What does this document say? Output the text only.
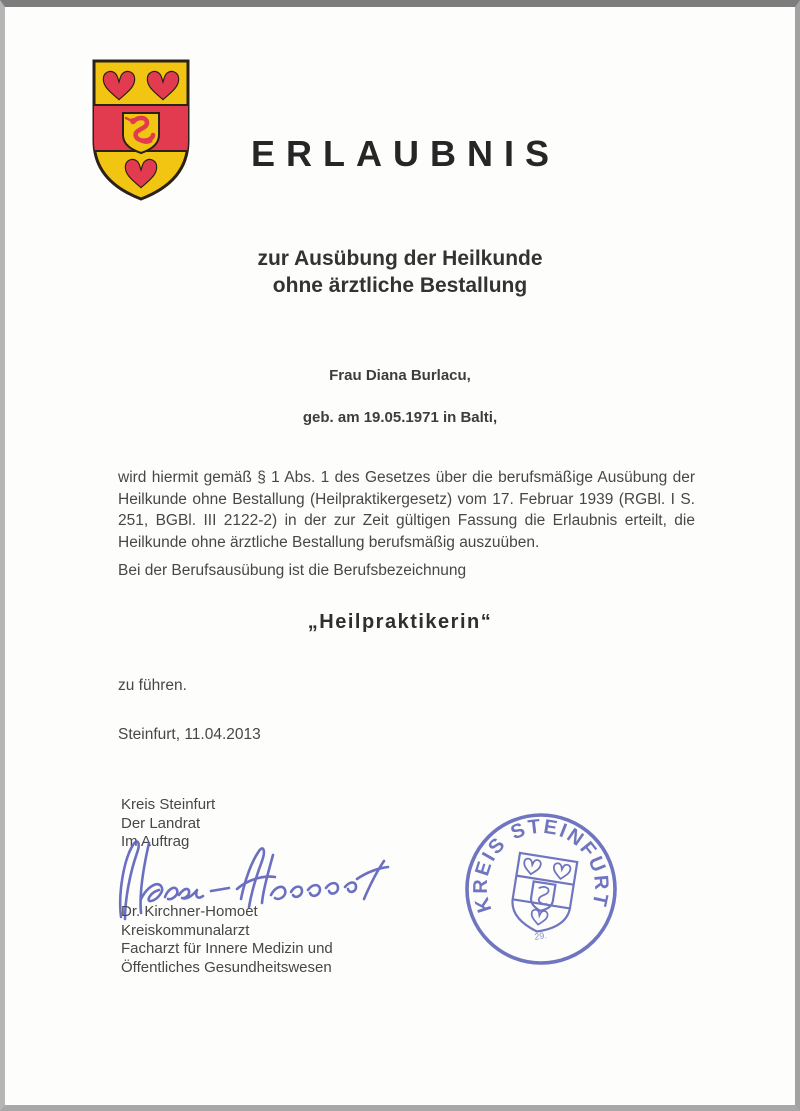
ERLAUBNIS
zur Ausübung der Heilkunde
ohne ärztliche Bestallung
Frau Diana Burlacu,
geb. am 19.05.1971 in Balti,
wird hiermit gemäß § 1 Abs. 1 des Gesetzes über die berufsmäßige Ausübung der Heilkunde ohne Bestallung (Heilpraktikergesetz) vom 17. Februar 1939 (RGBl. I S. 251, BGBl. III 2122-2) in der zur Zeit gültigen Fassung die Erlaubnis erteilt, die Heilkunde ohne ärztliche Bestallung berufsmäßig auszuüben.
Bei der Berufsausübung ist die Berufsbezeichnung
„Heilpraktikerin“
zu führen.
Steinfurt, 11.04.2013
Kreis Steinfurt
Der Landrat
Im Auftrag
Dr. Kirchner-Homoet
Kreiskommunalarzt
Facharzt für Innere Medizin und
Öffentliches Gesundheitswesen
KREIS STEINFURT
29.
